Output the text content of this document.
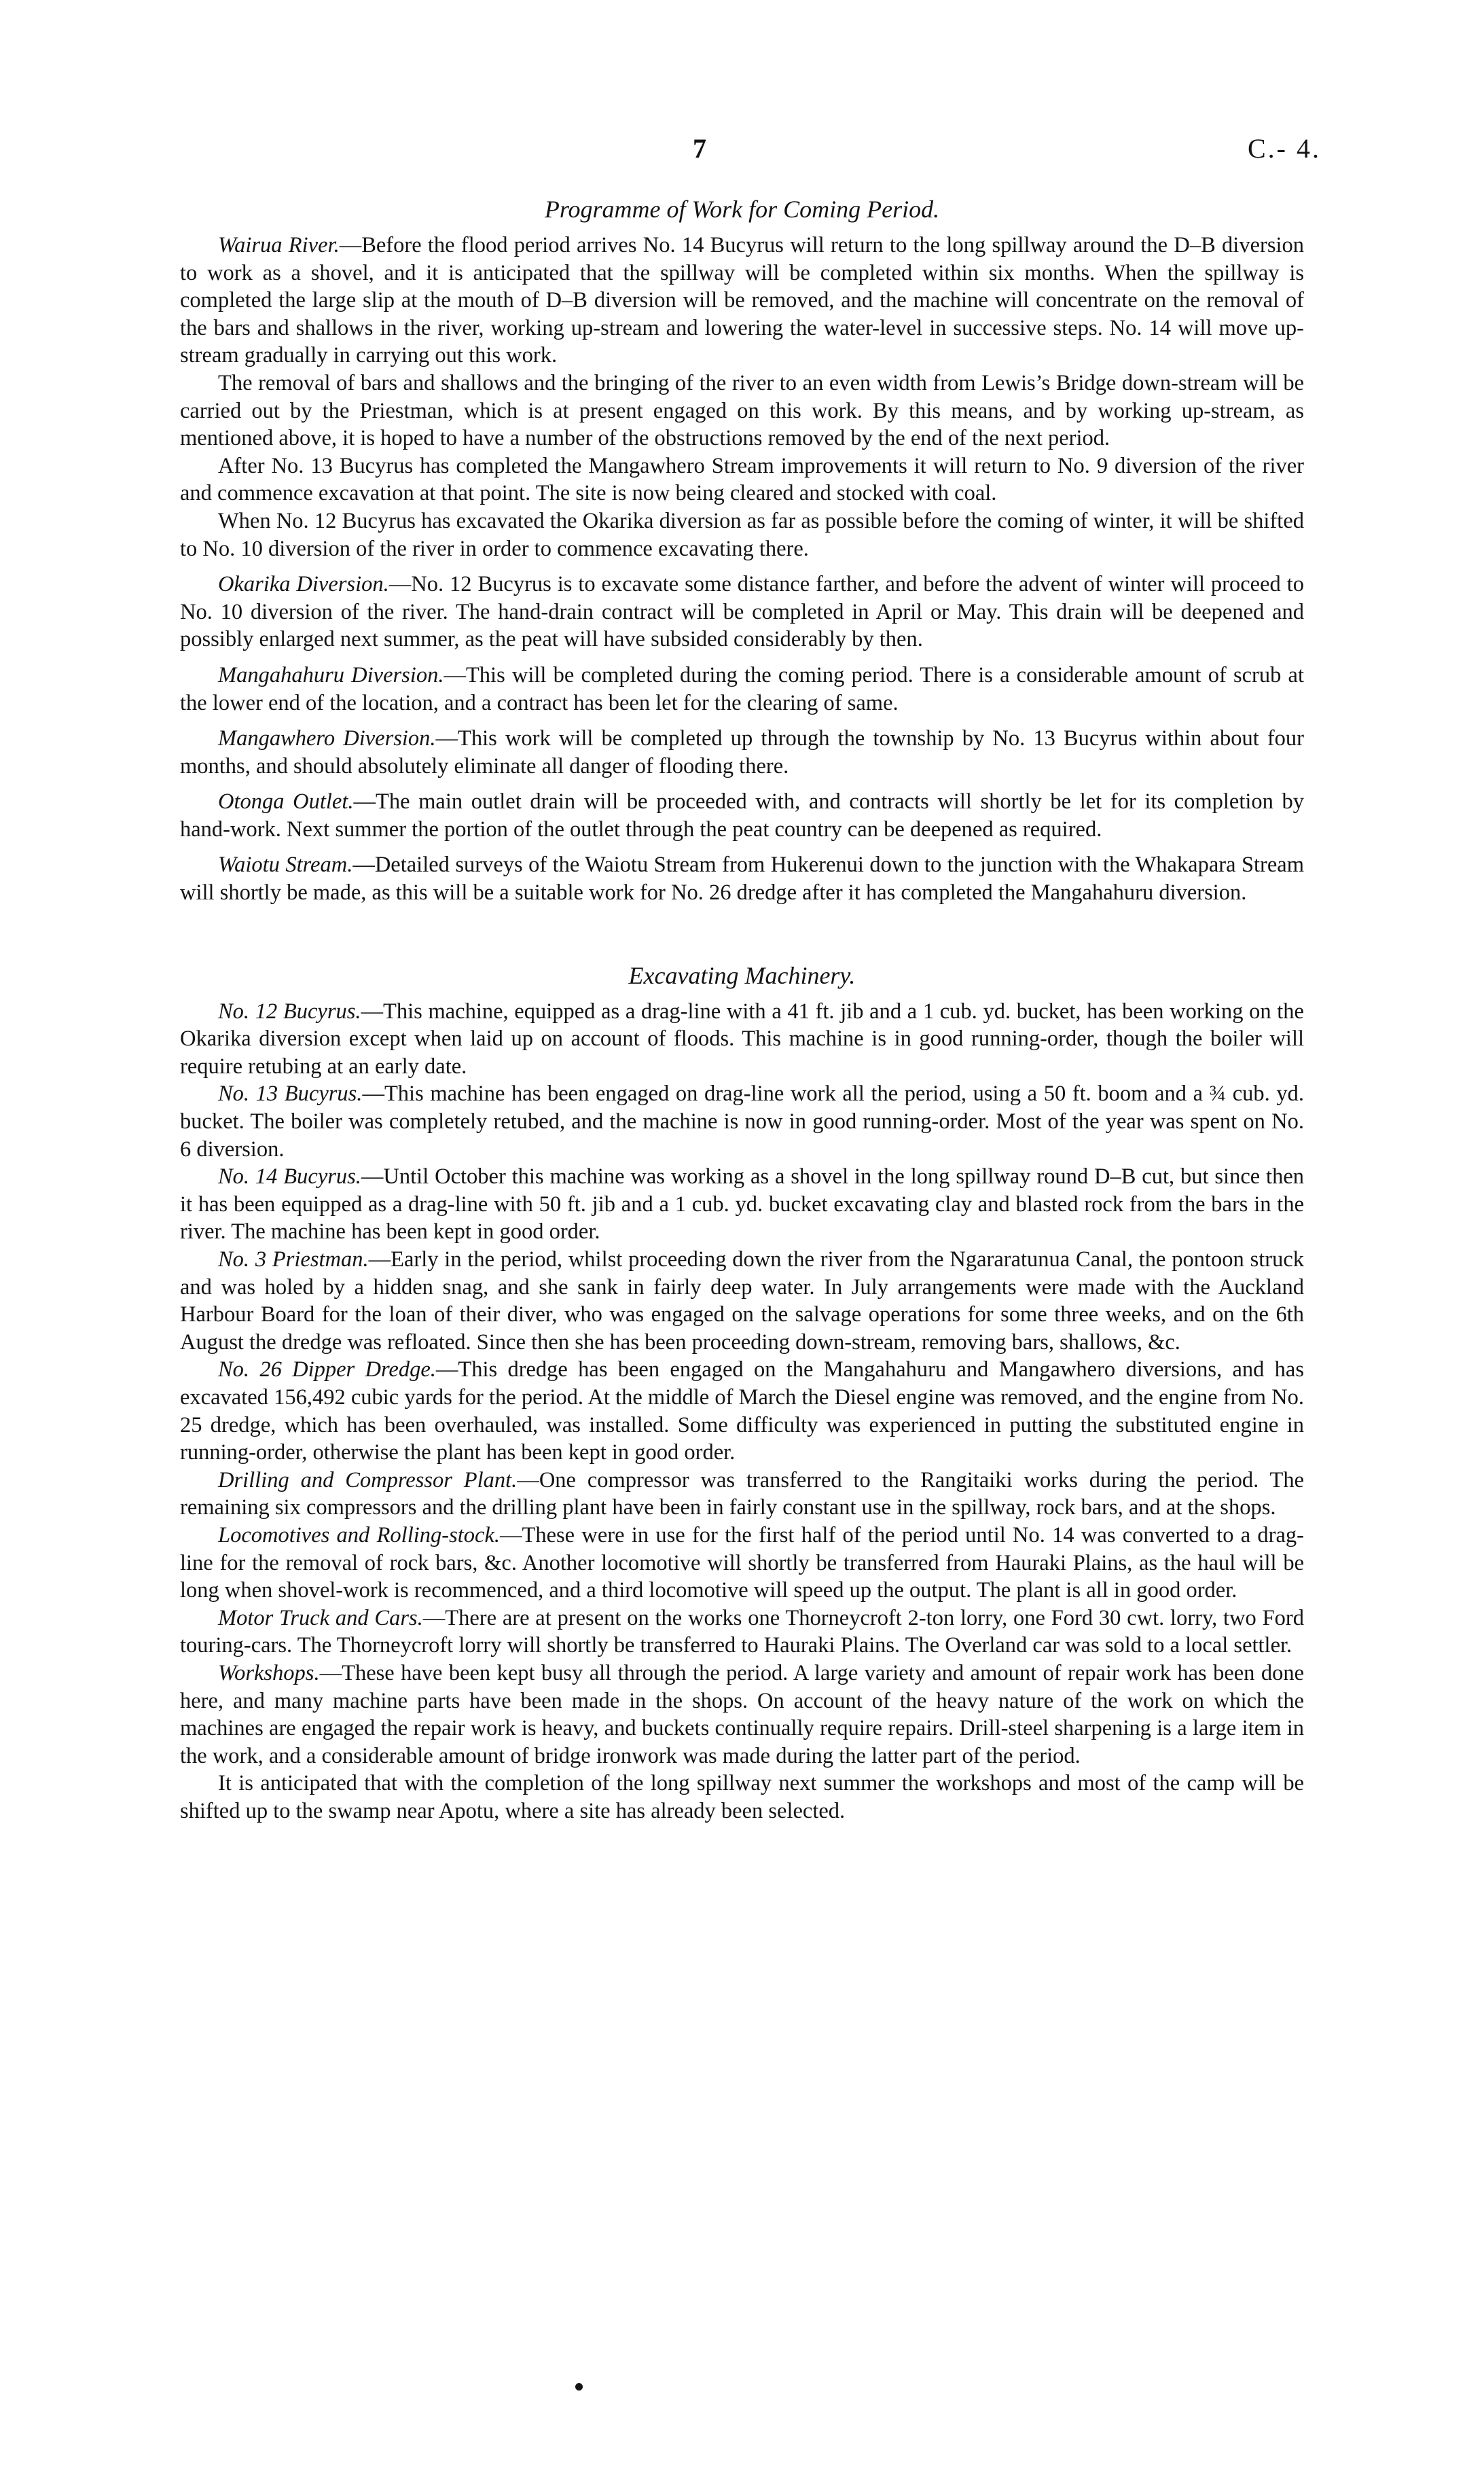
7	C.- 4.
Programme of Work for Coming Period.

Wairua River.—Before the flood period arrives No. 14 Bucyrus will return to the long spillway around the D–B diversion to work as a shovel, and it is anticipated that the spillway will be completed within six months. When the spillway is completed the large slip at the mouth of D–B diversion will be removed, and the machine will concentrate on the removal of the bars and shallows in the river, working up-stream and lowering the water-level in successive steps. No. 14 will move up-stream gradually in carrying out this work.

The removal of bars and shallows and the bringing of the river to an even width from Lewis’s Bridge down-stream will be carried out by the Priestman, which is at present engaged on this work. By this means, and by working up-stream, as mentioned above, it is hoped to have a number of the obstructions removed by the end of the next period.

After No. 13 Bucyrus has completed the Mangawhero Stream improvements it will return to No. 9 diversion of the river and commence excavation at that point. The site is now being cleared and stocked with coal.

When No. 12 Bucyrus has excavated the Okarika diversion as far as possible before the coming of winter, it will be shifted to No. 10 diversion of the river in order to commence excavating there.

Okarika Diversion.—No. 12 Bucyrus is to excavate some distance farther, and before the advent of winter will proceed to No. 10 diversion of the river. The hand-drain contract will be completed in April or May. This drain will be deepened and possibly enlarged next summer, as the peat will have subsided considerably by then.

Mangahahuru Diversion.—This will be completed during the coming period. There is a considerable amount of scrub at the lower end of the location, and a contract has been let for the clearing of same.

Mangawhero Diversion.—This work will be completed up through the township by No. 13 Bucyrus within about four months, and should absolutely eliminate all danger of flooding there.

Otonga Outlet.—The main outlet drain will be proceeded with, and contracts will shortly be let for its completion by hand-work. Next summer the portion of the outlet through the peat country can be deepened as required.

Waiotu Stream.—Detailed surveys of the Waiotu Stream from Hukerenui down to the junction with the Whakapara Stream will shortly be made, as this will be a suitable work for No. 26 dredge after it has completed the Mangahahuru diversion.

Excavating Machinery.

No. 12 Bucyrus.—This machine, equipped as a drag-line with a 41 ft. jib and a 1 cub. yd. bucket, has been working on the Okarika diversion except when laid up on account of floods. This machine is in good running-order, though the boiler will require retubing at an early date.

No. 13 Bucyrus.—This machine has been engaged on drag-line work all the period, using a 50 ft. boom and a ¾ cub. yd. bucket. The boiler was completely retubed, and the machine is now in good running-order. Most of the year was spent on No. 6 diversion.

No. 14 Bucyrus.—Until October this machine was working as a shovel in the long spillway round D–B cut, but since then it has been equipped as a drag-line with 50 ft. jib and a 1 cub. yd. bucket excavating clay and blasted rock from the bars in the river. The machine has been kept in good order.

No. 3 Priestman.—Early in the period, whilst proceeding down the river from the Ngararatunua Canal, the pontoon struck and was holed by a hidden snag, and she sank in fairly deep water. In July arrangements were made with the Auckland Harbour Board for the loan of their diver, who was engaged on the salvage operations for some three weeks, and on the 6th August the dredge was refloated. Since then she has been proceeding down-stream, removing bars, shallows, &c.

No. 26 Dipper Dredge.—This dredge has been engaged on the Mangahahuru and Mangawhero diversions, and has excavated 156,492 cubic yards for the period. At the middle of March the Diesel engine was removed, and the engine from No. 25 dredge, which has been overhauled, was installed. Some difficulty was experienced in putting the substituted engine in running-order, otherwise the plant has been kept in good order.

Drilling and Compressor Plant.—One compressor was transferred to the Rangitaiki works during the period. The remaining six compressors and the drilling plant have been in fairly constant use in the spillway, rock bars, and at the shops.

Locomotives and Rolling-stock.—These were in use for the first half of the period until No. 14 was converted to a drag-line for the removal of rock bars, &c. Another locomotive will shortly be transferred from Hauraki Plains, as the haul will be long when shovel-work is recommenced, and a third locomotive will speed up the output. The plant is all in good order.

Motor Truck and Cars.—There are at present on the works one Thorneycroft 2-ton lorry, one Ford 30 cwt. lorry, two Ford touring-cars. The Thorneycroft lorry will shortly be transferred to Hauraki Plains. The Overland car was sold to a local settler.

Workshops.—These have been kept busy all through the period. A large variety and amount of repair work has been done here, and many machine parts have been made in the shops. On account of the heavy nature of the work on which the machines are engaged the repair work is heavy, and buckets continually require repairs. Drill-steel sharpening is a large item in the work, and a considerable amount of bridge ironwork was made during the latter part of the period.

It is anticipated that with the completion of the long spillway next summer the workshops and most of the camp will be shifted up to the swamp near Apotu, where a site has already been selected.
